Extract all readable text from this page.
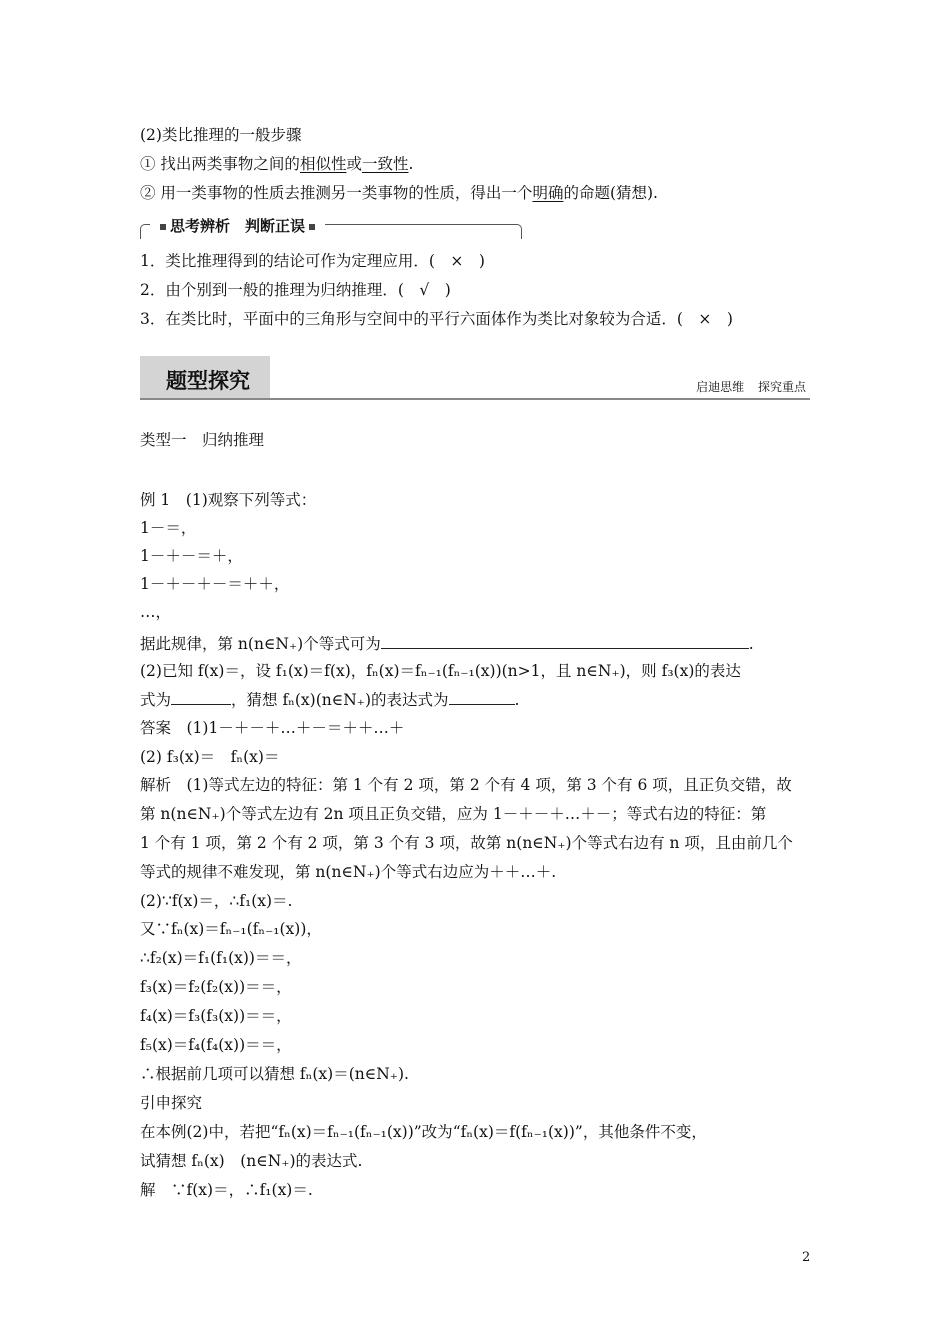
(2)类比推理的一般步骤
① 找出两类事物之间的相似性或一致性.
② 用一类事物的性质去推测另一类事物的性质，得出一个明确的命题(猜想).
思考辨析　判断正误
1．类比推理得到的结论可作为定理应用．(　×　)
2．由个别到一般的推理为归纳推理．(　√　)
3．在类比时，平面中的三角形与空间中的平行六面体作为类比对象较为合适．(　×　)
题型探究	启迪思维 探究重点
类型一　归纳推理
例 1　(1)观察下列等式：
1－＝，
1－＋－＝＋，
1－＋－＋－＝＋＋，
…，
据此规律，第 n(n∈N₊)个等式可为	.
(2)已知 f(x)＝，设 f₁(x)＝f(x)，fₙ(x)＝fₙ₋₁(fₙ₋₁(x))(n>1，且 n∈N₊)，则 f₃(x)的表达
式为	，猜想 fₙ(x)(n∈N₊)的表达式为	.
答案　(1)1－＋－＋…＋－＝＋＋…＋
(2) f₃(x)＝　fₙ(x)＝
解析　(1)等式左边的特征：第 1 个有 2 项，第 2 个有 4 项，第 3 个有 6 项，且正负交错，故
第 n(n∈N₊)个等式左边有 2n 项且正负交错，应为 1－＋－＋…＋－；等式右边的特征：第
1 个有 1 项，第 2 个有 2 项，第 3 个有 3 项，故第 n(n∈N₊)个等式右边有 n 项，且由前几个
等式的规律不难发现，第 n(n∈N₊)个等式右边应为＋＋…＋.
(2)∵f(x)＝，∴f₁(x)＝.
又∵fₙ(x)＝fₙ₋₁(fₙ₋₁(x))，
∴f₂(x)＝f₁(f₁(x))＝＝，
f₃(x)＝f₂(f₂(x))＝＝，
f₄(x)＝f₃(f₃(x))＝＝，
f₅(x)＝f₄(f₄(x))＝＝，
∴根据前几项可以猜想 fₙ(x)＝(n∈N₊).
引申探究
在本例(2)中，若把“fₙ(x)＝fₙ₋₁(fₙ₋₁(x))”改为“fₙ(x)＝f(fₙ₋₁(x))”，其他条件不变，
试猜想 fₙ(x)　(n∈N₊)的表达式.
解　∵f(x)＝，∴f₁(x)＝.
2
